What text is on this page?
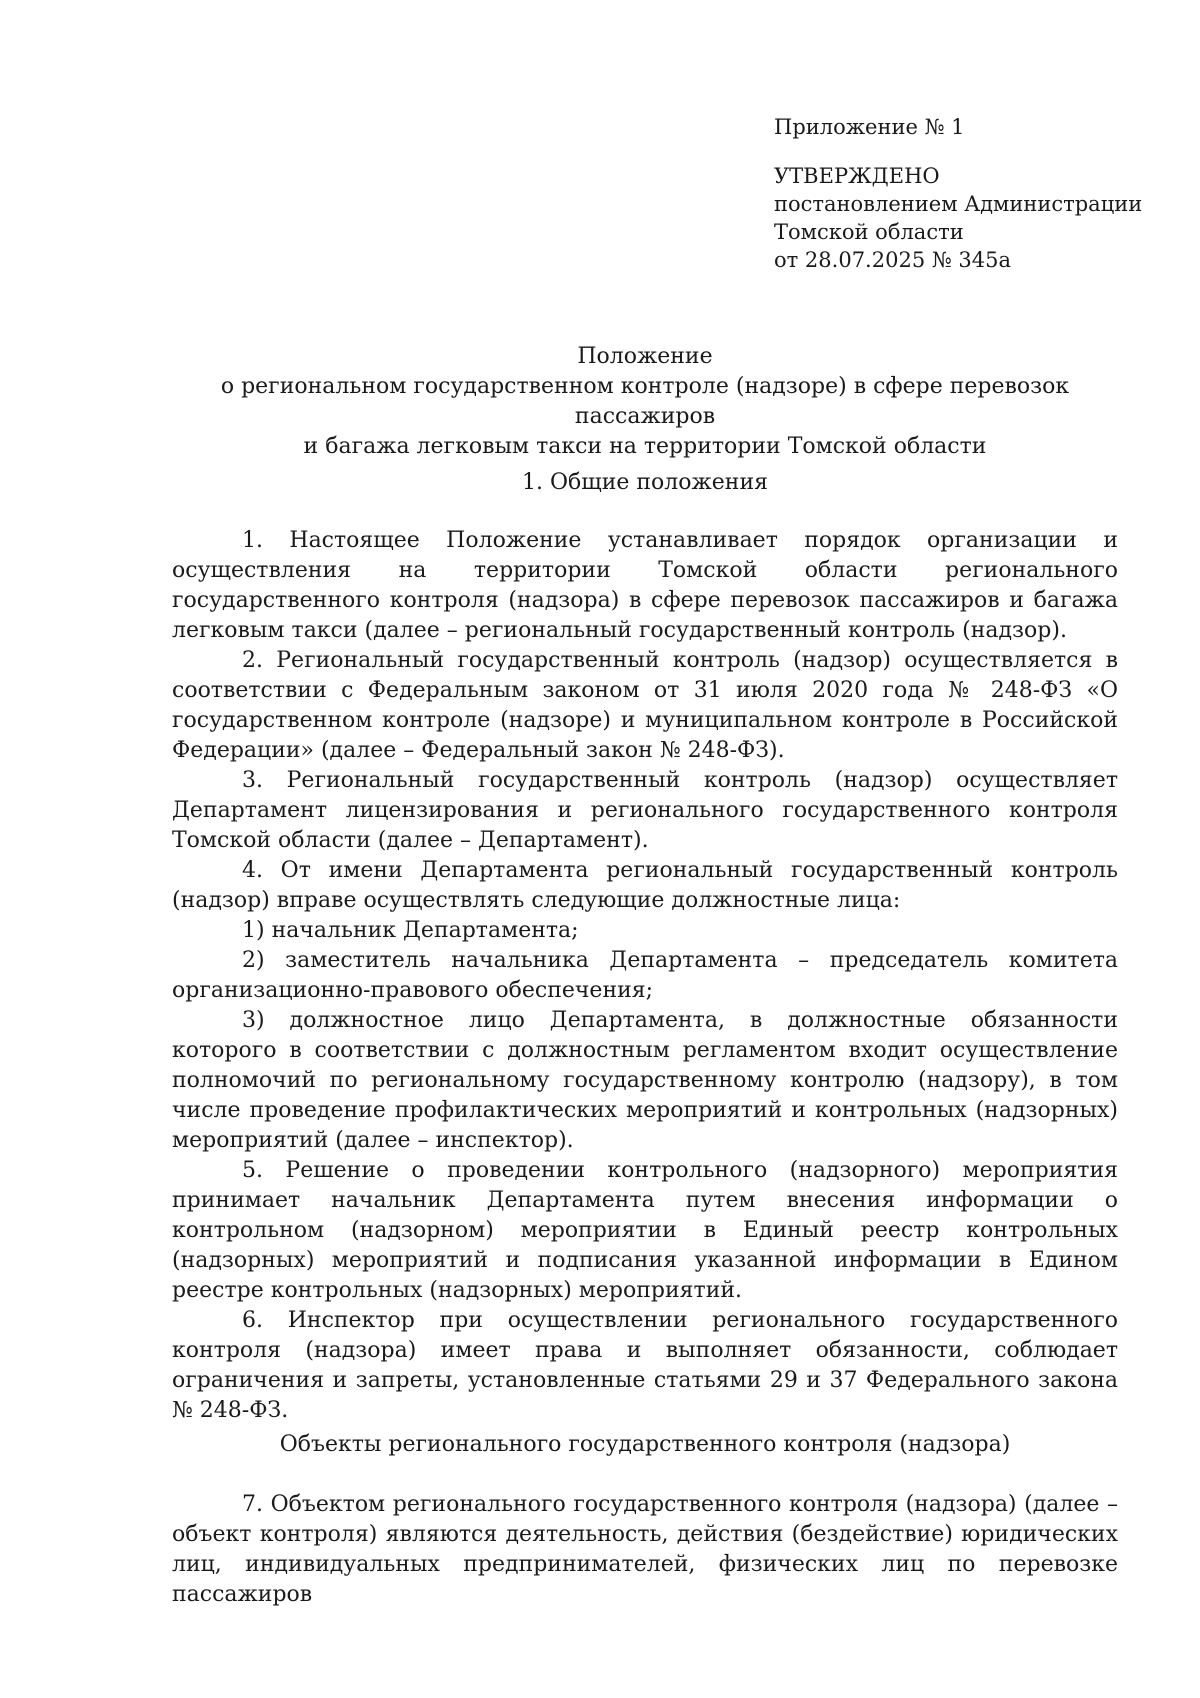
Приложение № 1
УТВЕРЖДЕНО
постановлением Администрации
Томской области
от 28.07.2025 № 345а
Положение
о региональном государственном контроле (надзоре) в сфере перевозок пассажиров
и багажа легковым такси на территории Томской области
1. Общие положения

1. Настоящее Положение устанавливает порядок организации и осуществления на территории Томской области регионального государственного контроля (надзора) в сфере перевозок пассажиров и багажа легковым такси (далее – региональный государственный контроль (надзор).

2. Региональный государственный контроль (надзор) осуществляется в соответствии с Федеральным законом от 31 июля 2020 года № 248-ФЗ «О государственном контроле (надзоре) и муниципальном контроле в Российской Федерации» (далее – Федеральный закон № 248-ФЗ).

3. Региональный государственный контроль (надзор) осуществляет Департамент лицензирования и регионального государственного контроля Томской области (далее – Департамент).

4. От имени Департамента региональный государственный контроль (надзор) вправе осуществлять следующие должностные лица:

1) начальник Департамента;

2) заместитель начальника Департамента – председатель комитета организационно-правового обеспечения;

3) должностное лицо Департамента, в должностные обязанности которого в соответствии с должностным регламентом входит осуществление полномочий по региональному государственному контролю (надзору), в том числе проведение профилактических мероприятий и контрольных (надзорных) мероприятий (далее – инспектор).

5. Решение о проведении контрольного (надзорного) мероприятия принимает начальник Департамента путем внесения информации о контрольном (надзорном) мероприятии в Единый реестр контрольных (надзорных) мероприятий и подписания указанной информации в Едином реестре контрольных (надзорных) мероприятий.

6. Инспектор при осуществлении регионального государственного контроля (надзора) имеет права и выполняет обязанности, соблюдает ограничения и запреты, установленные статьями 29 и 37 Федерального закона № 248-ФЗ.

Объекты регионального государственного контроля (надзора)

7. Объектом регионального государственного контроля (надзора) (далее – объект контроля) являются деятельность, действия (бездействие) юридических лиц, индивидуальных предпринимателей, физических лиц по перевозке пассажиров
